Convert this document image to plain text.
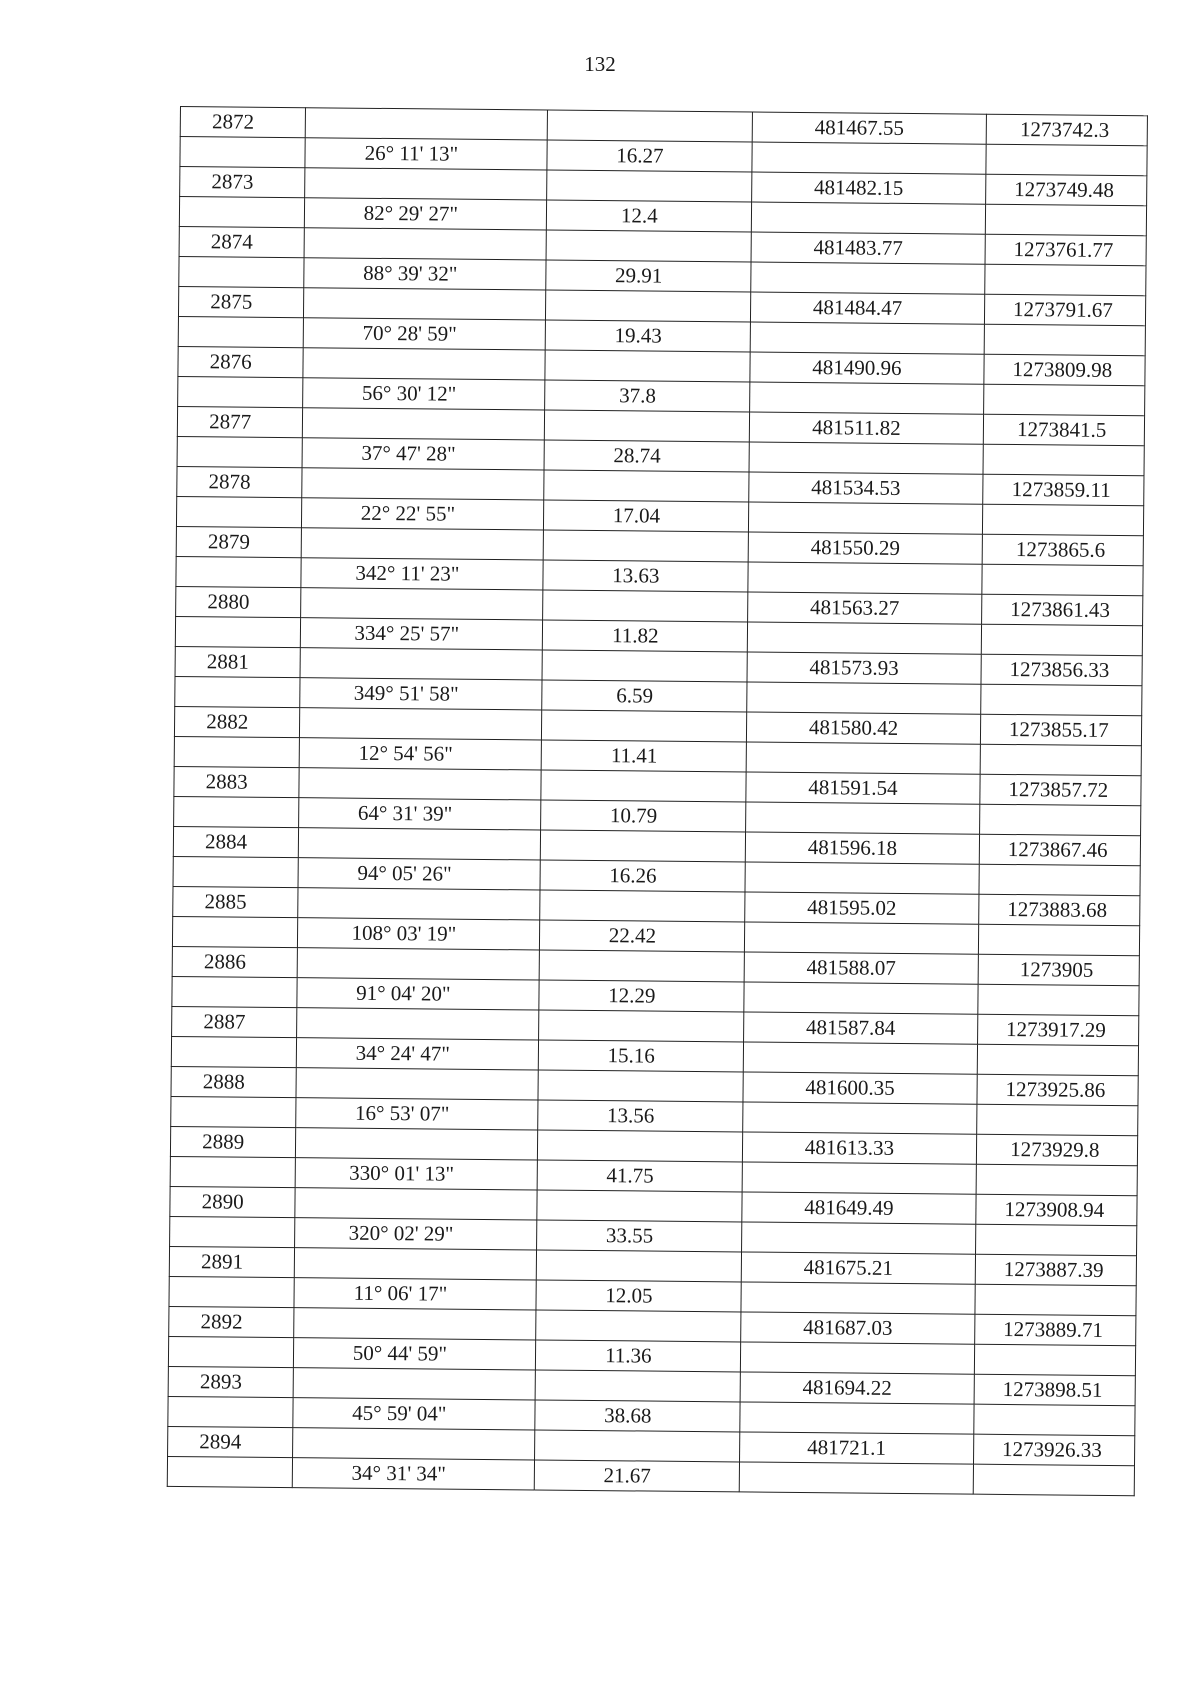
132
2872			481467.55	1273742.3
	26° 11' 13"	16.27		
2873			481482.15	1273749.48
	82° 29' 27"	12.4		
2874			481483.77	1273761.77
	88° 39' 32"	29.91		
2875			481484.47	1273791.67
	70° 28' 59"	19.43		
2876			481490.96	1273809.98
	56° 30' 12"	37.8		
2877			481511.82	1273841.5
	37° 47' 28"	28.74		
2878			481534.53	1273859.11
	22° 22' 55"	17.04		
2879			481550.29	1273865.6
	342° 11' 23"	13.63		
2880			481563.27	1273861.43
	334° 25' 57"	11.82		
2881			481573.93	1273856.33
	349° 51' 58"	6.59		
2882			481580.42	1273855.17
	12° 54' 56"	11.41		
2883			481591.54	1273857.72
	64° 31' 39"	10.79		
2884			481596.18	1273867.46
	94° 05' 26"	16.26		
2885			481595.02	1273883.68
	108° 03' 19"	22.42		
2886			481588.07	1273905
	91° 04' 20"	12.29		
2887			481587.84	1273917.29
	34° 24' 47"	15.16		
2888			481600.35	1273925.86
	16° 53' 07"	13.56		
2889			481613.33	1273929.8
	330° 01' 13"	41.75		
2890			481649.49	1273908.94
	320° 02' 29"	33.55		
2891			481675.21	1273887.39
	11° 06' 17"	12.05		
2892			481687.03	1273889.71
	50° 44' 59"	11.36		
2893			481694.22	1273898.51
	45° 59' 04"	38.68		
2894			481721.1	1273926.33
	34° 31' 34"	21.67		
